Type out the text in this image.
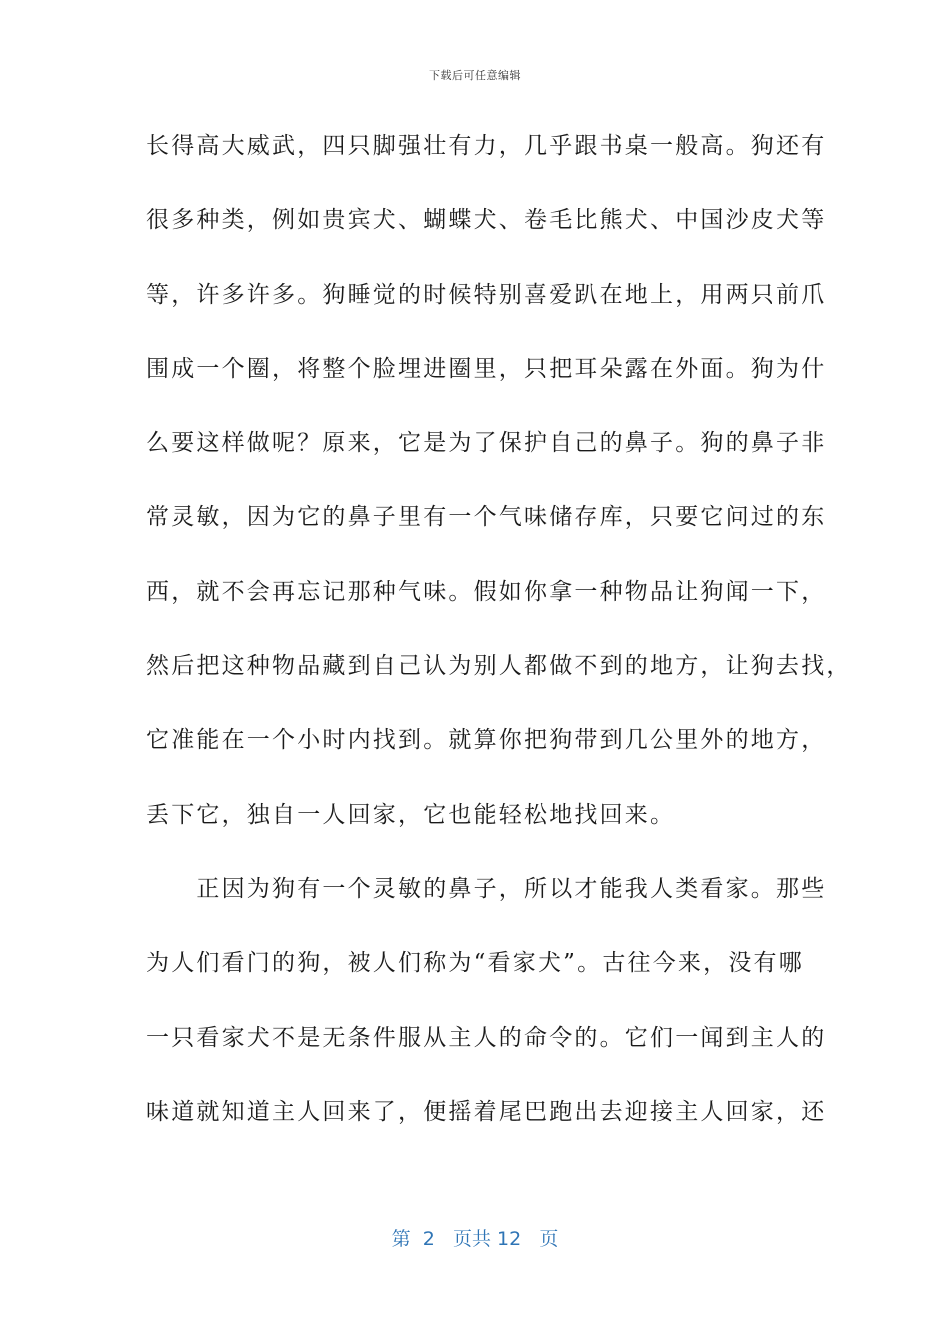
下载后可任意编辑
长得高大威武，四只脚强壮有力，几乎跟书桌一般高。狗还有
很多种类，例如贵宾犬、蝴蝶犬、卷毛比熊犬、中国沙皮犬等
等，许多许多。狗睡觉的时候特别喜爱趴在地上，用两只前爪
围成一个圈，将整个脸埋进圈里，只把耳朵露在外面。狗为什
么要这样做呢？原来，它是为了保护自己的鼻子。狗的鼻子非
常灵敏，因为它的鼻子里有一个气味储存库，只要它问过的东
西，就不会再忘记那种气味。假如你拿一种物品让狗闻一下，
然后把这种物品藏到自己认为别人都做不到的地方，让狗去找，
它准能在一个小时内找到。就算你把狗带到几公里外的地方，
丢下它，独自一人回家，它也能轻松地找回来。
　　正因为狗有一个灵敏的鼻子，所以才能我人类看家。那些
为人们看门的狗，被人们称为“看家犬”。古往今来，没有哪
一只看家犬不是无条件服从主人的命令的。它们一闻到主人的
味道就知道主人回来了，便摇着尾巴跑出去迎接主人回家，还
第 2 页共 12 页
